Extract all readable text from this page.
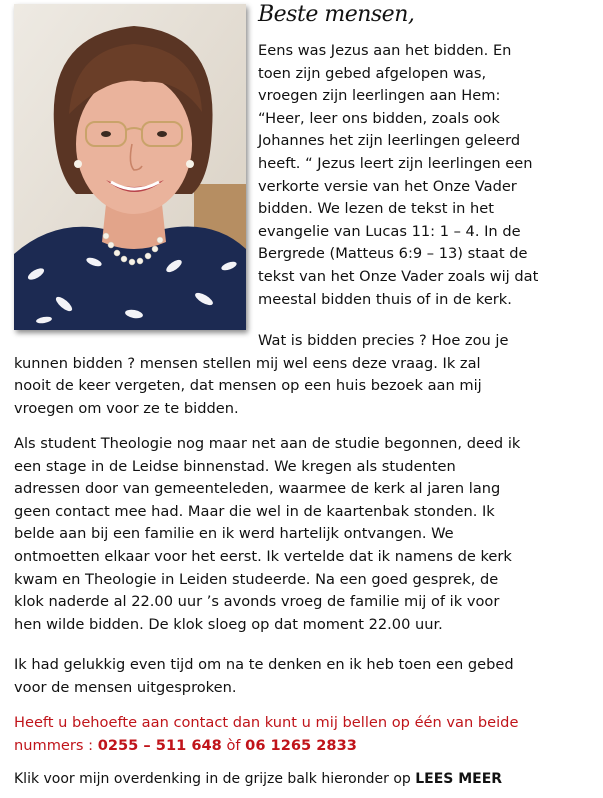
Beste mensen,
Eens was Jezus aan het bidden. En
toen zijn gebed afgelopen was,
vroegen zijn leerlingen aan Hem:
“Heer, leer ons bidden, zoals ook
Johannes het zijn leerlingen geleerd
heeft. “ Jezus leert zijn leerlingen een
verkorte versie van het Onze Vader
bidden. We lezen de tekst in het
evangelie van Lucas 11: 1 – 4. In de
Bergrede (Matteus 6:9 – 13) staat de
tekst van het Onze Vader zoals wij dat
meestal bidden thuis of in de kerk.
Wat is bidden precies ? Hoe zou je
kunnen bidden ? mensen stellen mij wel eens deze vraag. Ik zal
nooit de keer vergeten, dat mensen op een huis bezoek aan mij
vroegen om voor ze te bidden.
Als student Theologie nog maar net aan de studie begonnen, deed ik
een stage in de Leidse binnenstad. We kregen als studenten
adressen door van gemeenteleden, waarmee de kerk al jaren lang
geen contact mee had. Maar die wel in de kaartenbak stonden. Ik
belde aan bij een familie en ik werd hartelijk ontvangen. We
ontmoetten elkaar voor het eerst. Ik vertelde dat ik namens de kerk
kwam en Theologie in Leiden studeerde. Na een goed gesprek, de
klok naderde al 22.00 uur ’s avonds vroeg de familie mij of ik voor
hen wilde bidden. De klok sloeg op dat moment 22.00 uur.
Ik had gelukkig even tijd om na te denken en ik heb toen een gebed
voor de mensen uitgesproken.
Heeft u behoefte aan contact dan kunt u mij bellen op één van beide
nummers : 0255 – 511 648 òf 06 1265 2833
Klik voor mijn overdenking in de grijze balk hieronder op LEES MEER
